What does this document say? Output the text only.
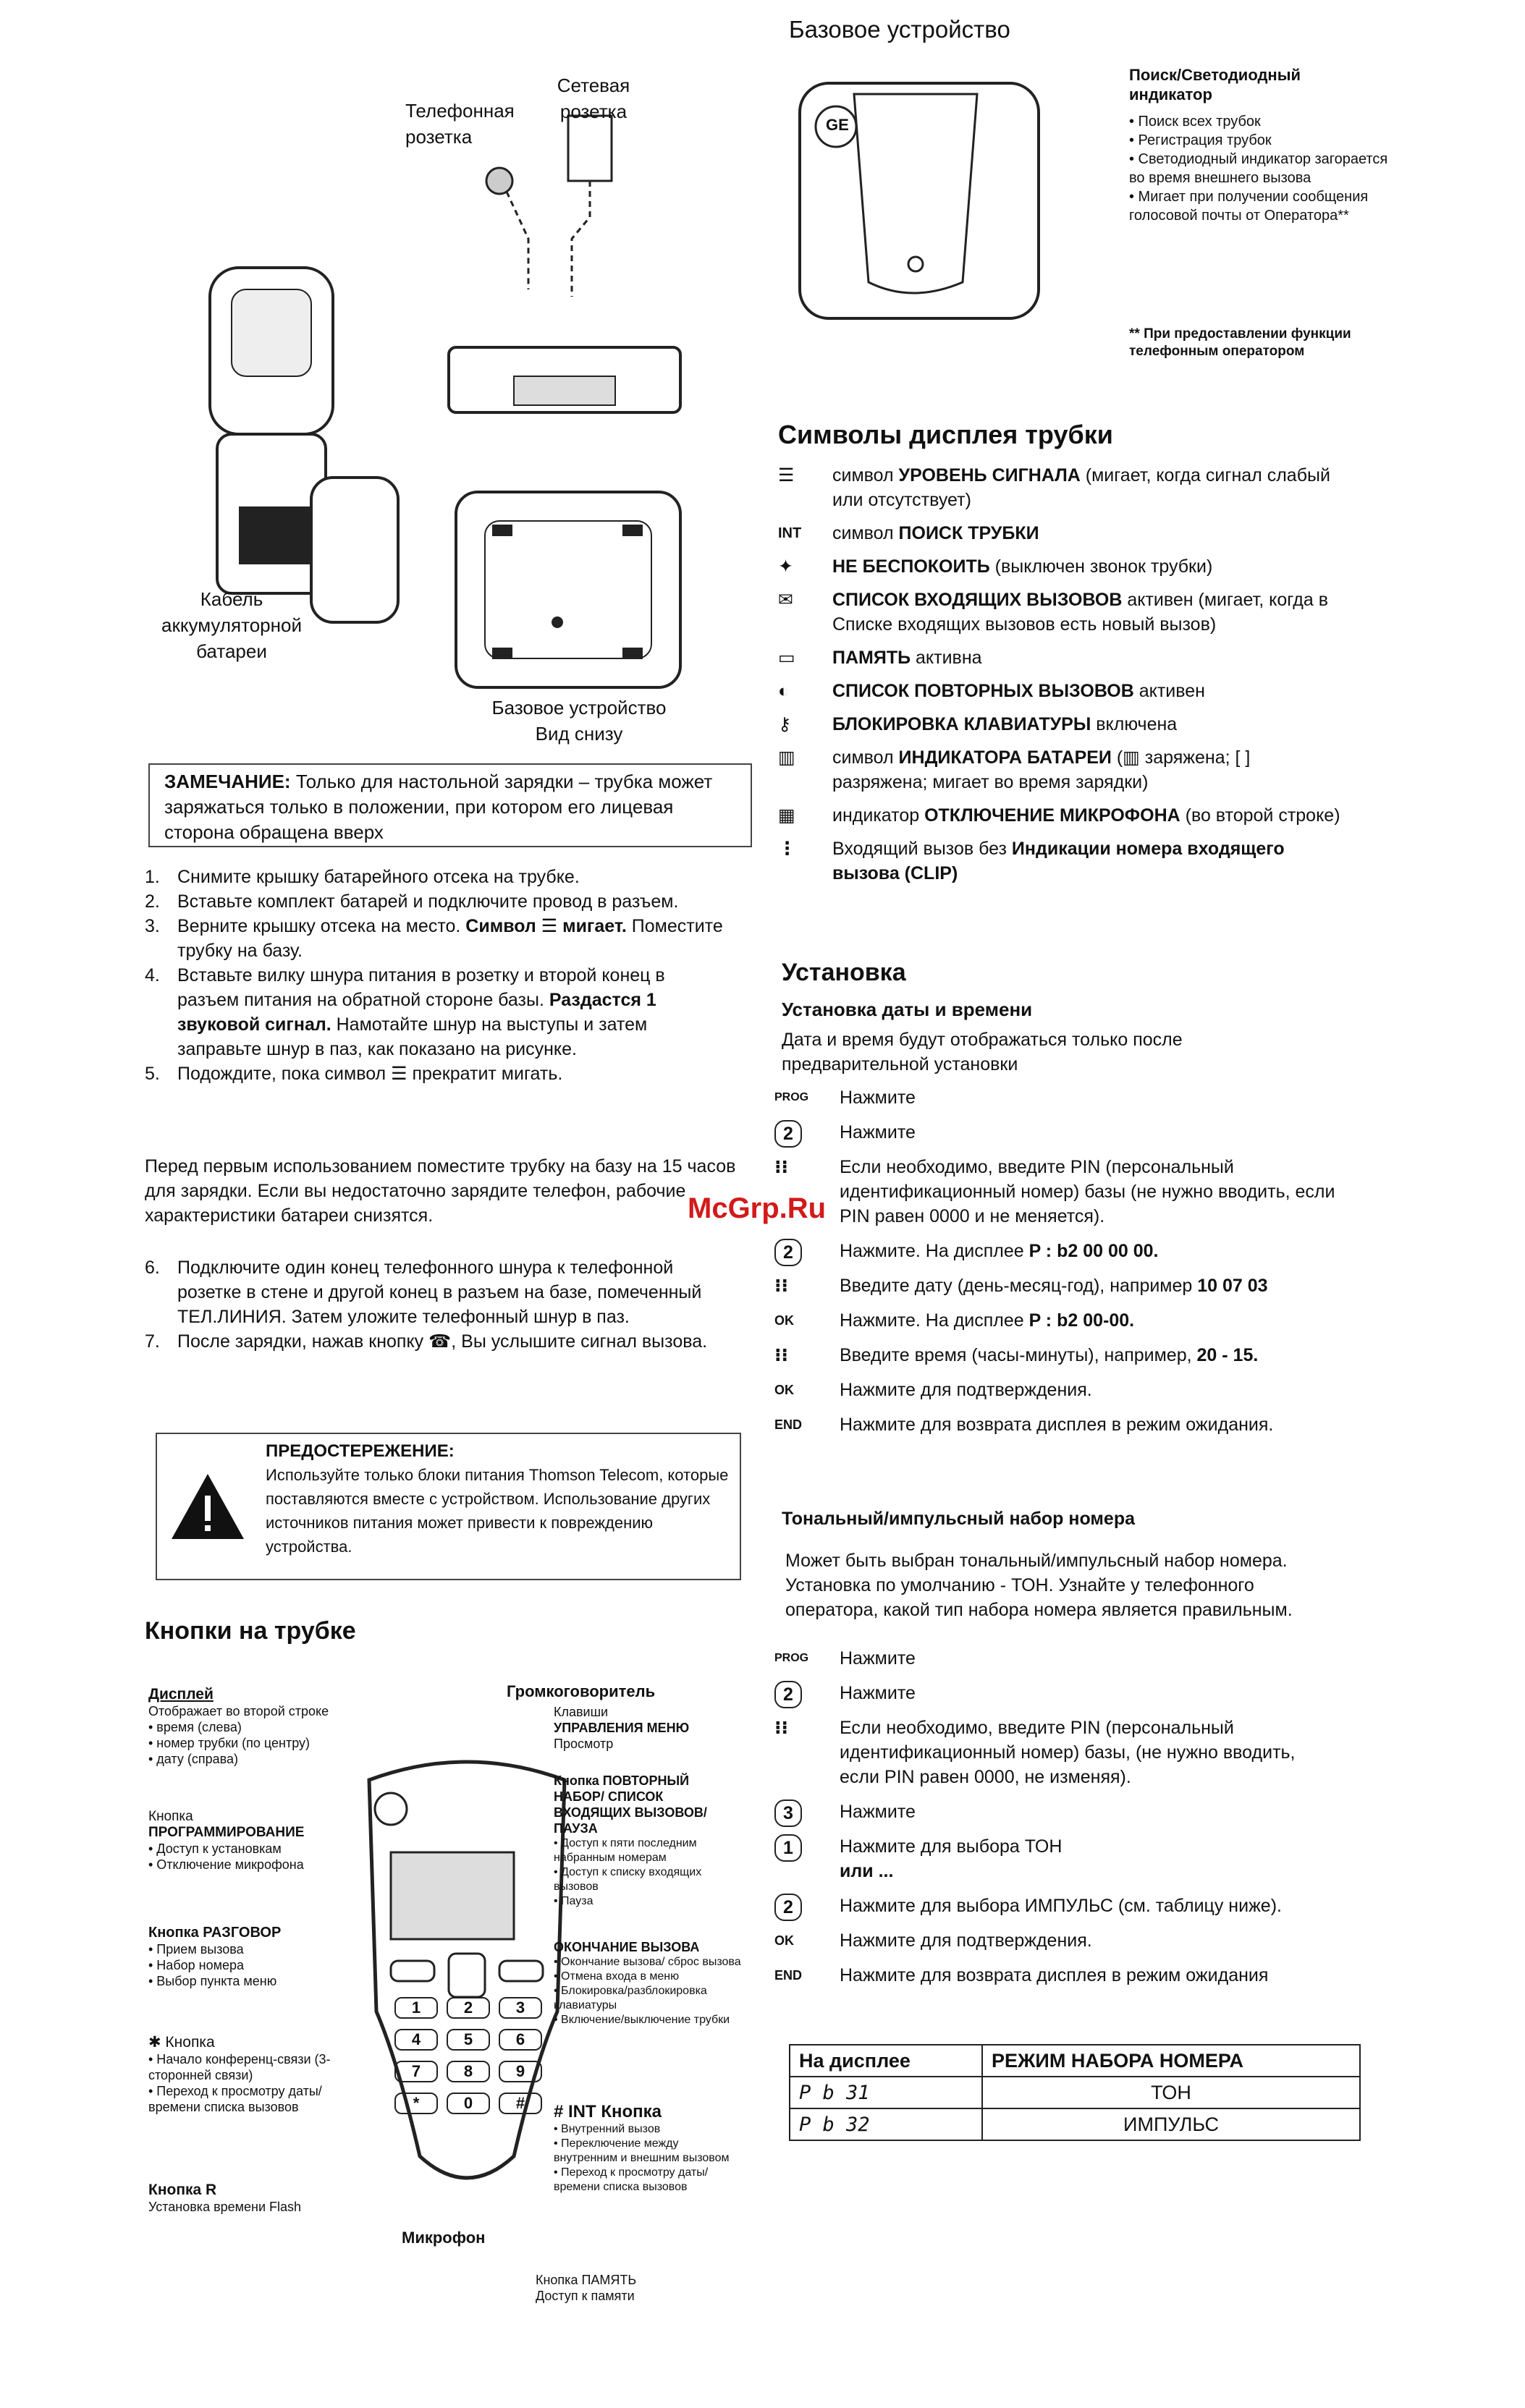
Сетевая розетка
Телефонная розетка
Кабель аккумуляторной батареи
Базовое устройство
Вид снизу
ЗАМЕЧАНИЕ: Только для настольной зарядки – трубка может заряжаться только в положении, при котором его лицевая сторона обращена вверх
1. Снимите крышку батарейного отсека на трубке.
2. Вставьте комплект батарей и подключите провод в разъем.
3. Верните крышку отсека на место. Символ ☰ мигает. Поместите трубку на базу.
4. Вставьте вилку шнура питания в розетку и второй конец в разъем питания на обратной стороне базы. Раздастся 1 звуковой сигнал. Намотайте шнур на выступы и затем заправьте шнур в паз, как показано на рисунке.
5. Подождите, пока символ ☰ прекратит мигать.
Перед первым использованием поместите трубку на базу на 15 часов для зарядки. Если вы недостаточно зарядите телефон, рабочие характеристики батареи снизятся.
6. Подключите один конец телефонного шнура к телефонной розетке в стене и другой конец в разъем на базе, помеченный ТЕЛ.ЛИНИЯ. Затем уложите телефонный шнур в паз.
7. После зарядки, нажав кнопку ☎, Вы услышите сигнал вызова.
ПРЕДОСТЕРЕЖЕНИЕ:
Используйте только блоки питания Thomson Telecom, которые поставляются вместе с устройством. Использование других источников питания может привести к повреждению устройства.
Кнопки на трубке
1	2	3
4	5	6
7	8	9
*	0	#
Дисплей
Отображает во второй строке
• время (слева)
• номер трубки (по центру)
• дату (справа)
Кнопка
ПРОГРАММИРОВАНИЕ
• Доступ к установкам
• Отключение микрофона
Кнопка РАЗГОВОР
• Прием вызова
• Набор номера
• Выбор пункта меню
✱ Кнопка
• Начало конференц-связи (3-сторонней связи)
• Переход к просмотру даты/времени списка вызовов
Кнопка R
Установка времени Flash
Микрофон
Громкоговоритель
Клавиши
УПРАВЛЕНИЯ МЕНЮ
Просмотр
Кнопка ПОВТОРНЫЙ НАБОР/ СПИСОК ВХОДЯЩИХ ВЫЗОВОВ/ ПАУЗА
• Доступ к пяти последним набранным номерам
• Доступ к списку входящих вызовов
• Пауза
ОКОНЧАНИЕ ВЫЗОВА
• Окончание вызова/ сброс вызова
• Отмена входа в меню
• Блокировка/разблокировка клавиатуры
• Включение/выключение трубки
# INT Кнопка
• Внутренний вызов
• Переключение между внутренним и внешним вызовом
• Переход к просмотру даты/времени списка вызовов
Кнопка ПАМЯТЬ
Доступ к памяти
Базовое устройство
GE
Поиск/Светодиодный индикатор
• Поиск всех трубок
• Регистрация трубок
• Светодиодный индикатор загорается во время внешнего вызова
• Мигает при получении сообщения голосовой почты от Оператора**
** При предоставлении функции телефонным оператором
Символы дисплея трубки
☰ символ УРОВЕНЬ СИГНАЛА (мигает, когда сигнал слабый или отсутствует)
INT символ ПОИСК ТРУБКИ
✦ НЕ БЕСПОКОИТЬ (выключен звонок трубки)
✉ СПИСОК ВХОДЯЩИХ ВЫЗОВОВ активен (мигает, когда в Списке входящих вызовов есть новый вызов)
▭ ПАМЯТЬ активна
◐ СПИСОК ПОВТОРНЫХ ВЫЗОВОВ активен
⚷ БЛОКИРОВКА КЛАВИАТУРЫ включена
▥ символ ИНДИКАТОРА БАТАРЕИ (▥ заряжена; [ ] разряжена; мигает во время зарядки)
▦ индикатор ОТКЛЮЧЕНИЕ МИКРОФОНА (во второй строке)
⋮ Входящий вызов без Индикации номера входящего вызова (CLIP)
Установка
Установка даты и времени
Дата и время будут отображаться только после предварительной установки
PROG Нажмите
2	Нажмите
⁝⁝	Если необходимо, введите PIN (персональный идентификационный номер) базы (не нужно вводить, если PIN равен 0000 и не меняется).
2	Нажмите. На дисплее P : b2 00 00 00.
⁝⁝	Введите дату (день-месяц-год), например 10 07 03
OK	Нажмите. На дисплее P : b2 00-00.
⁝⁝	Введите время (часы-минуты), например, 20 - 15.
OK	Нажмите для подтверждения.
END Нажмите для возврата дисплея в режим ожидания.
Тональный/импульсный набор номера
Может быть выбран тональный/импульсный набор номера. Установка по умолчанию - ТОН. Узнайте у телефонного оператора, какой тип набора номера является правильным.
PROG Нажмите
2	Нажмите
⁝⁝	Если необходимо, введите PIN (персональный идентификационный номер) базы, (не нужно вводить, если PIN равен 0000, не изменяя).
3	Нажмите
1	Нажмите для выбора ТОН
или ...
2	Нажмите для выбора ИМПУЛЬС (см. таблицу ниже).
OK	Нажмите для подтверждения.
END Нажмите для возврата дисплея в режим ожидания
На дисплее	РЕЖИМ НАБОРА НОМЕРА
P b 31	ТОН
P b 32	ИМПУЛЬС
McGrp.Ru
